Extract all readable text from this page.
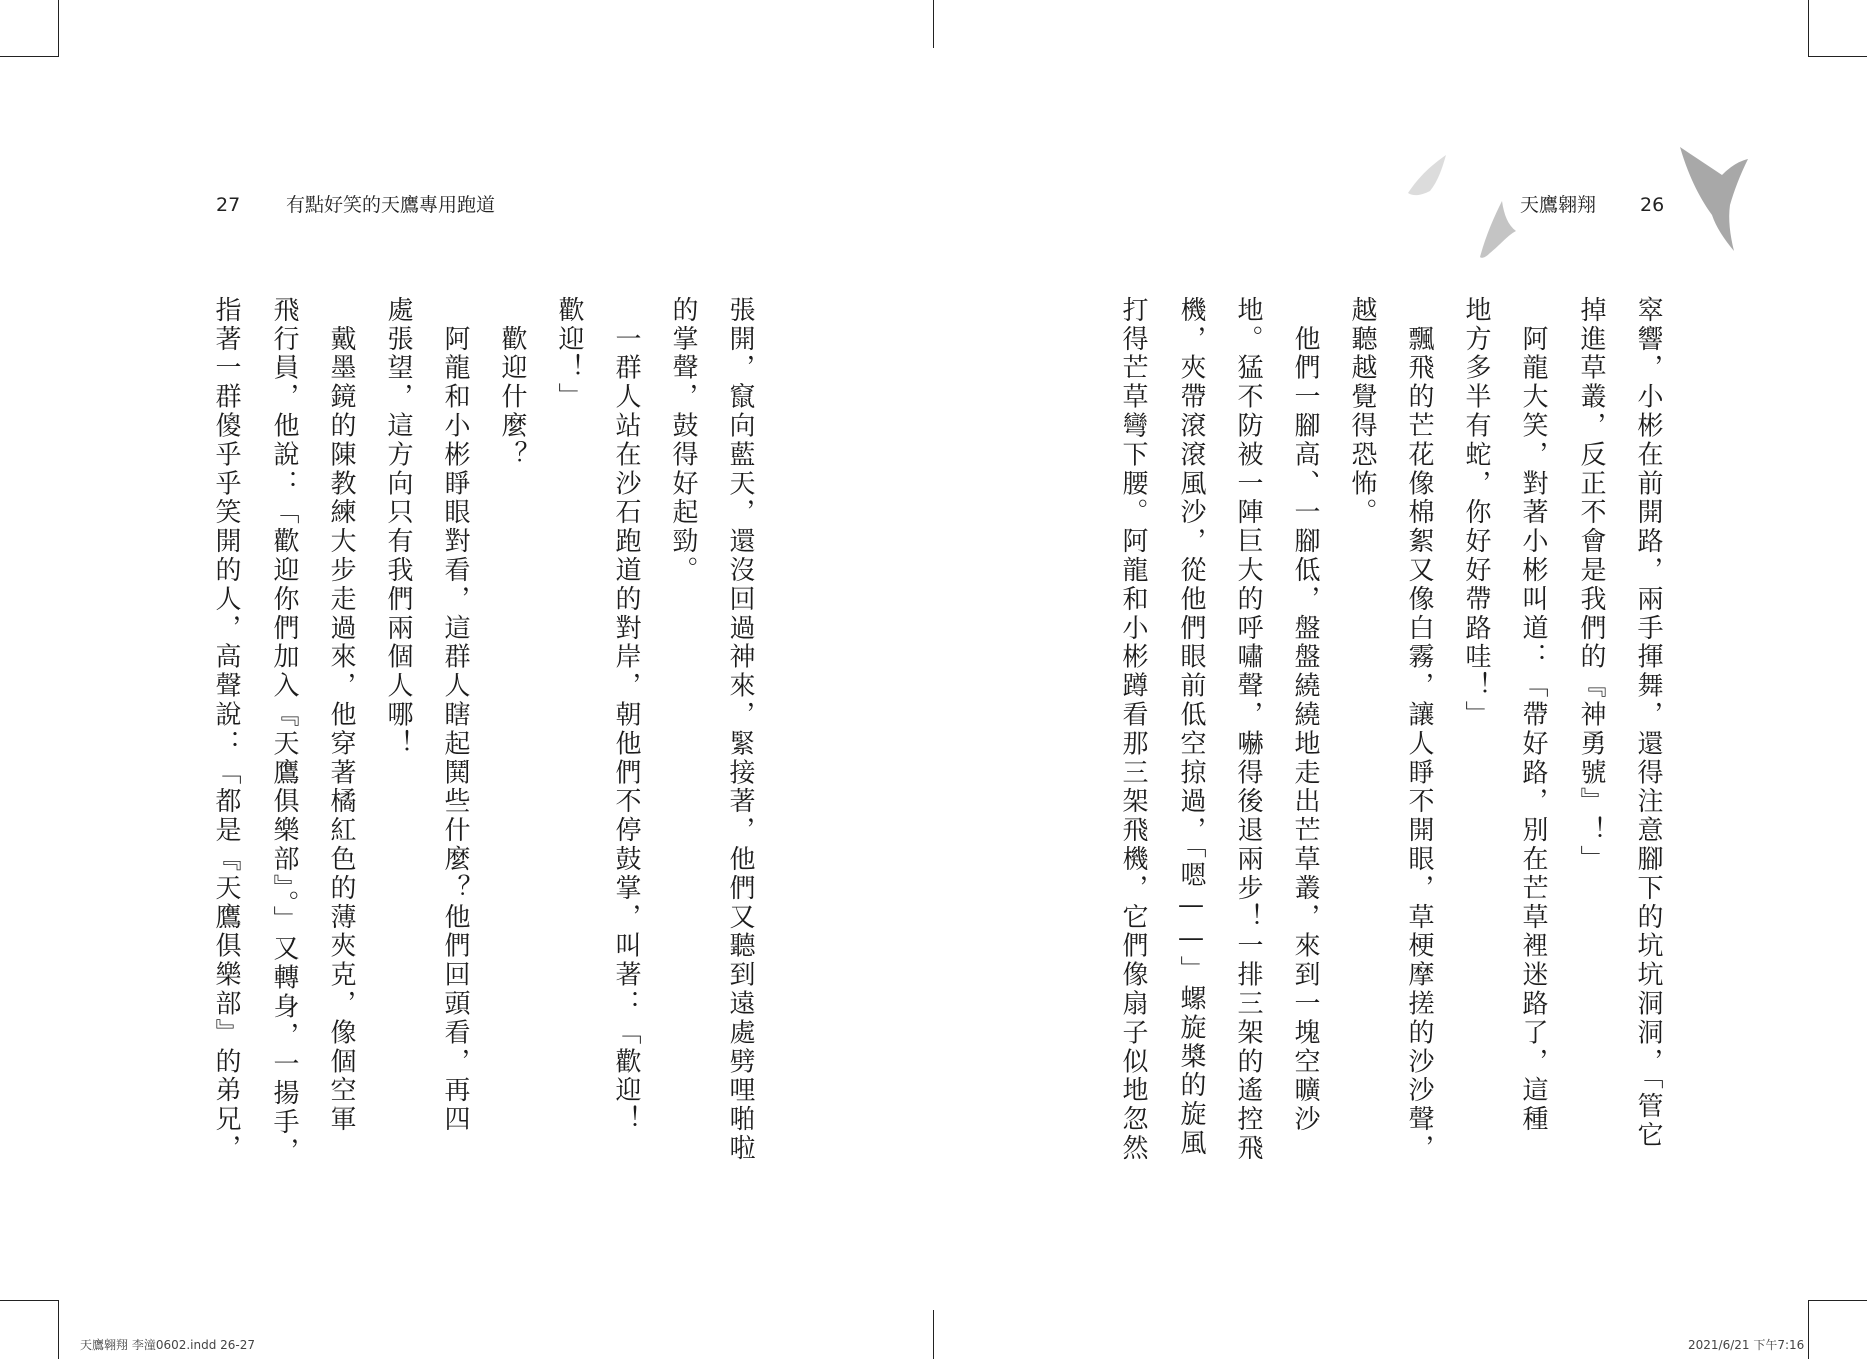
27 有點好笑的天鷹專用跑道	天鷹翱翔 26
窣響，小彬在前開路，兩手揮舞，還得注意腳下的坑坑洞洞，「管它
掉進草叢，反正不會是我們的『神勇號』！」
　阿龍大笑，對著小彬叫道：「帶好路，別在芒草裡迷路了，這種
地方多半有蛇，你好好帶路哇！」
　飄飛的芒花像棉絮又像白霧，讓人睜不開眼，草梗摩搓的沙沙聲，
越聽越覺得恐怖。
　他們一腳高、一腳低，盤盤繞繞地走出芒草叢，來到一塊空曠沙
地。猛不防被一陣巨大的呼嘯聲，嚇得後退兩步！一排三架的遙控飛
機，夾帶滾滾風沙，從他們眼前低空掠過，「嗯——」螺旋槳的旋風
打得芒草彎下腰。阿龍和小彬蹲看那三架飛機，它們像扇子似地忽然
張開，竄向藍天，還沒回過神來，緊接著，他們又聽到遠處劈哩啪啦
的掌聲，鼓得好起勁。
　一群人站在沙石跑道的對岸，朝他們不停鼓掌，叫著：「歡迎！
歡迎！」
　歡迎什麼？
　阿龍和小彬睜眼對看，這群人瞎起鬨些什麼？他們回頭看，再四
處張望，這方向只有我們兩個人哪！
　戴墨鏡的陳教練大步走過來，他穿著橘紅色的薄夾克，像個空軍
飛行員，他說：「歡迎你們加入『天鷹俱樂部』。」又轉身，一揚手，
指著一群傻乎乎笑開的人，高聲說：「都是『天鷹俱樂部』的弟兄，
天鷹翱翔 李潼0602.indd 26-27	2021/6/21 下午7:16
